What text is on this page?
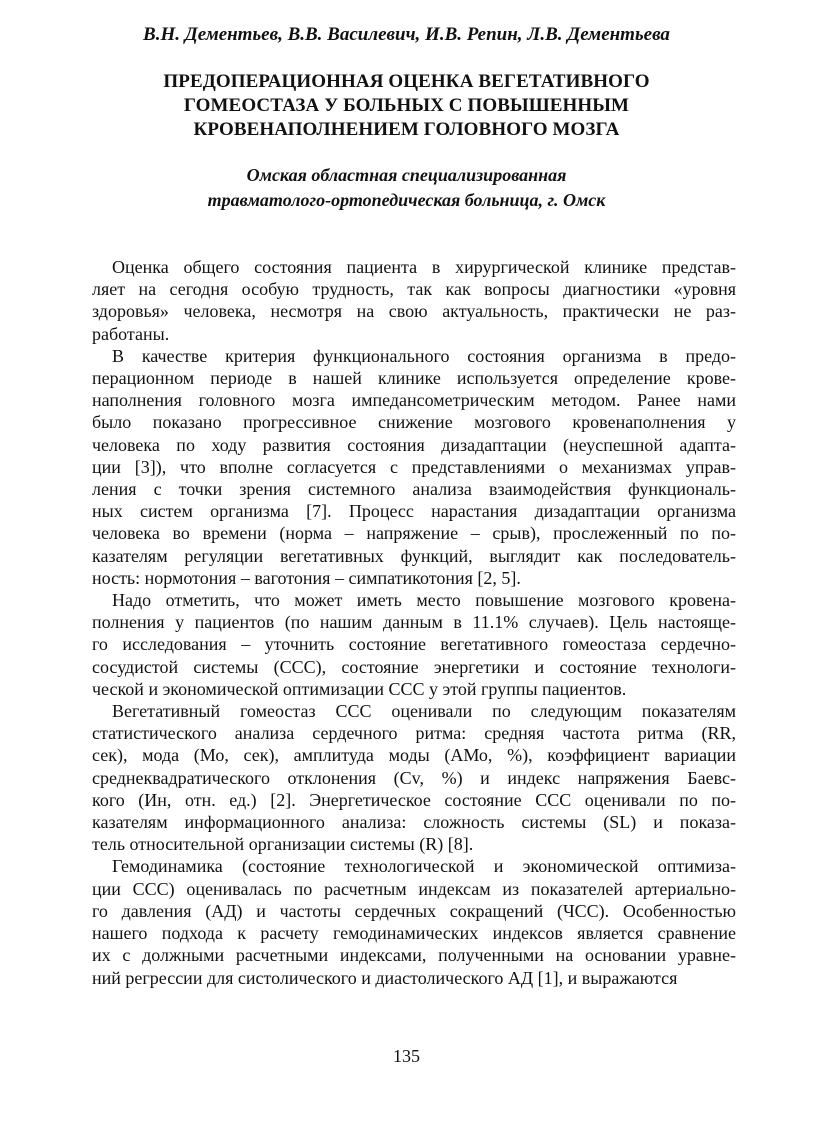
В.Н. Дементьев, В.В. Василевич, И.В. Репин, Л.В. Дементьева
ПРЕДОПЕРАЦИОННАЯ ОЦЕНКА ВЕГЕТАТИВНОГО
ГОМЕОСТАЗА У БОЛЬНЫХ С ПОВЫШЕННЫМ
КРОВЕНАПОЛНЕНИЕМ ГОЛОВНОГО МОЗГА
Омская областная специализированная
травматолого-ортопедическая больница, г. Омск
Оценка общего состояния пациента в хирургической клинике представ-
ляет на сегодня особую трудность, так как вопросы диагностики «уровня
здоровья» человека, несмотря на свою актуальность, практически не раз-
работаны.
В качестве критерия функционального состояния организма в предо-
перационном периоде в нашей клинике используется определение крове-
наполнения головного мозга импедансометрическим методом. Ранее нами
было показано прогрессивное снижение мозгового кровенаполнения у
человека по ходу развития состояния дизадаптации (неуспешной адапта-
ции [3]), что вполне согласуется с представлениями о механизмах управ-
ления с точки зрения системного анализа взаимодействия функциональ-
ных систем организма [7]. Процесс нарастания дизадаптации организма
человека во времени (норма – напряжение – срыв), прослеженный по по-
казателям регуляции вегетативных функций, выглядит как последователь-
ность: нормотония – ваготония – симпатикотония [2, 5].
Надо отметить, что может иметь место повышение мозгового кровена-
полнения у пациентов (по нашим данным в 11.1% случаев). Цель настояще-
го исследования – уточнить состояние вегетативного гомеостаза сердечно-
сосудистой системы (ССС), состояние энергетики и состояние технологи-
ческой и экономической оптимизации ССС у этой группы пациентов.
Вегетативный гомеостаз ССС оценивали по следующим показателям
статистического анализа сердечного ритма: средняя частота ритма (RR,
сек), мода (Мо, сек), амплитуда моды (АМо, %), коэффициент вариации
среднеквадратического отклонения (Cv, %) и индекс напряжения Баевс-
кого (Ин, отн. ед.) [2]. Энергетическое состояние ССС оценивали по по-
казателям информационного анализа: сложность системы (SL) и показа-
тель относительной организации системы (R) [8].
Гемодинамика (состояние технологической и экономической оптимиза-
ции ССС) оценивалась по расчетным индексам из показателей артериально-
го давления (АД) и частоты сердечных сокращений (ЧСС). Особенностью
нашего подхода к расчету гемодинамических индексов является сравнение
их с должными расчетными индексами, полученными на основании уравне-
ний регрессии для систолического и диастолического АД [1], и выражаются
135
